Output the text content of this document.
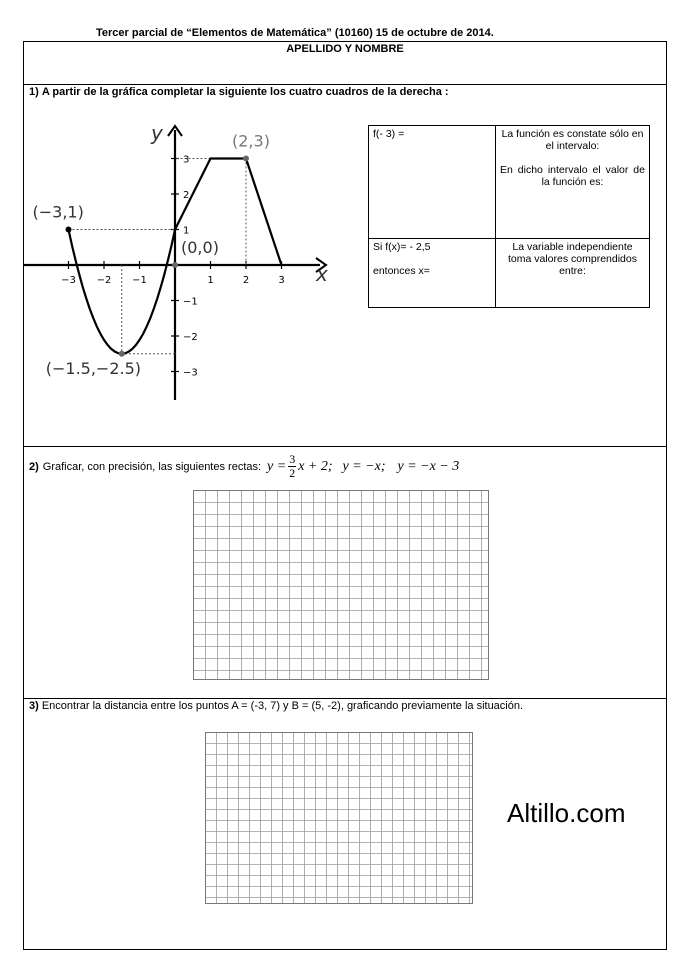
Tercer parcial de “Elementos de Matemática” (10160) 15 de octubre de 2014.
APELLIDO Y NOMBRE
1) A partir de la gráfica completar la siguiente los cuatro cuadros de la derecha :
f(- 3) =	La función es constate sólo en el intervalo:
En dicho intervalo el valor de la función es:

Si f(x)= - 2,5
entonces x=	La variable independiente toma valores comprendidos entre:
2) Graficar, con precisión, las siguientes rectas: $y = \frac{3}{2}$ x + 2; y = −x; y = −x − 3
3) Encontrar la distancia entre los puntos A = (-3, 7) y B = (5, -2), graficando previamente la situación.
x
y
−3 −2 −1	1	2	3
3
2
1
−1
−2
−3
(−3,1)
(2,3)
(0,0)
(−1.5,−2.5)
Altillo.com
